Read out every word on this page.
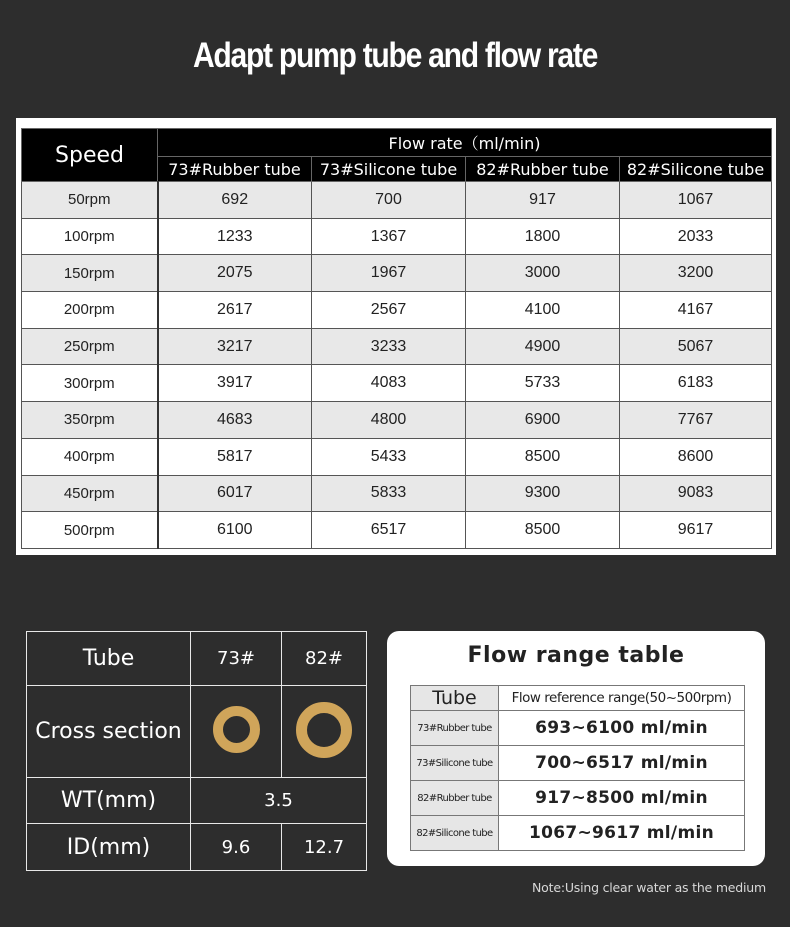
Adapt pump tube and flow rate
Speed	Flow rate（ml/min)			
	73#Rubber tube	73#Silicone tube	82#Rubber tube	82#Silicone tube
50rpm	692	700	917	1067
100rpm	1233	1367	1800	2033
150rpm	2075	1967	3000	3200
200rpm	2617	2567	4100	4167
250rpm	3217	3233	4900	5067
300rpm	3917	4083	5733	6183
350rpm	4683	4800	6900	7767
400rpm	5817	5433	8500	8600
450rpm	6017	5833	9300	9083
500rpm	6100	6517	8500	9617
Tube	73#	82#
Cross section		
WT(mm)	3.5	
ID(mm)	9.6	12.7
Flow range table
Tube	Flow reference range(50~500rpm)
73#Rubber tube	693~6100 ml/min
73#Silicone tube	700~6517 ml/min
82#Rubber tube	917~8500 ml/min
82#Silicone tube	1067~9617 ml/min
Note:Using clear water as the medium
